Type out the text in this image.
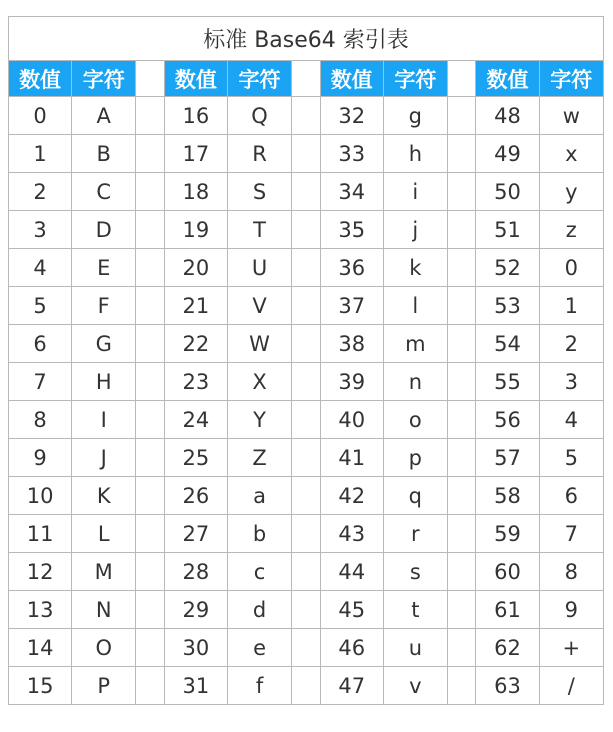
标准 Base64 索引表										
数值	字符		数值	字符		数值	字符		数值	字符
0	A		16	Q		32	g		48	w
1	B		17	R		33	h		49	x
2	C		18	S		34	i		50	y
3	D		19	T		35	j		51	z
4	E		20	U		36	k		52	0
5	F		21	V		37	l		53	1
6	G		22	W		38	m		54	2
7	H		23	X		39	n		55	3
8	I		24	Y		40	o		56	4
9	J		25	Z		41	p		57	5
10	K		26	a		42	q		58	6
11	L		27	b		43	r		59	7
12	M		28	c		44	s		60	8
13	N		29	d		45	t		61	9
14	O		30	e		46	u		62	+
15	P		31	f		47	v		63	/
